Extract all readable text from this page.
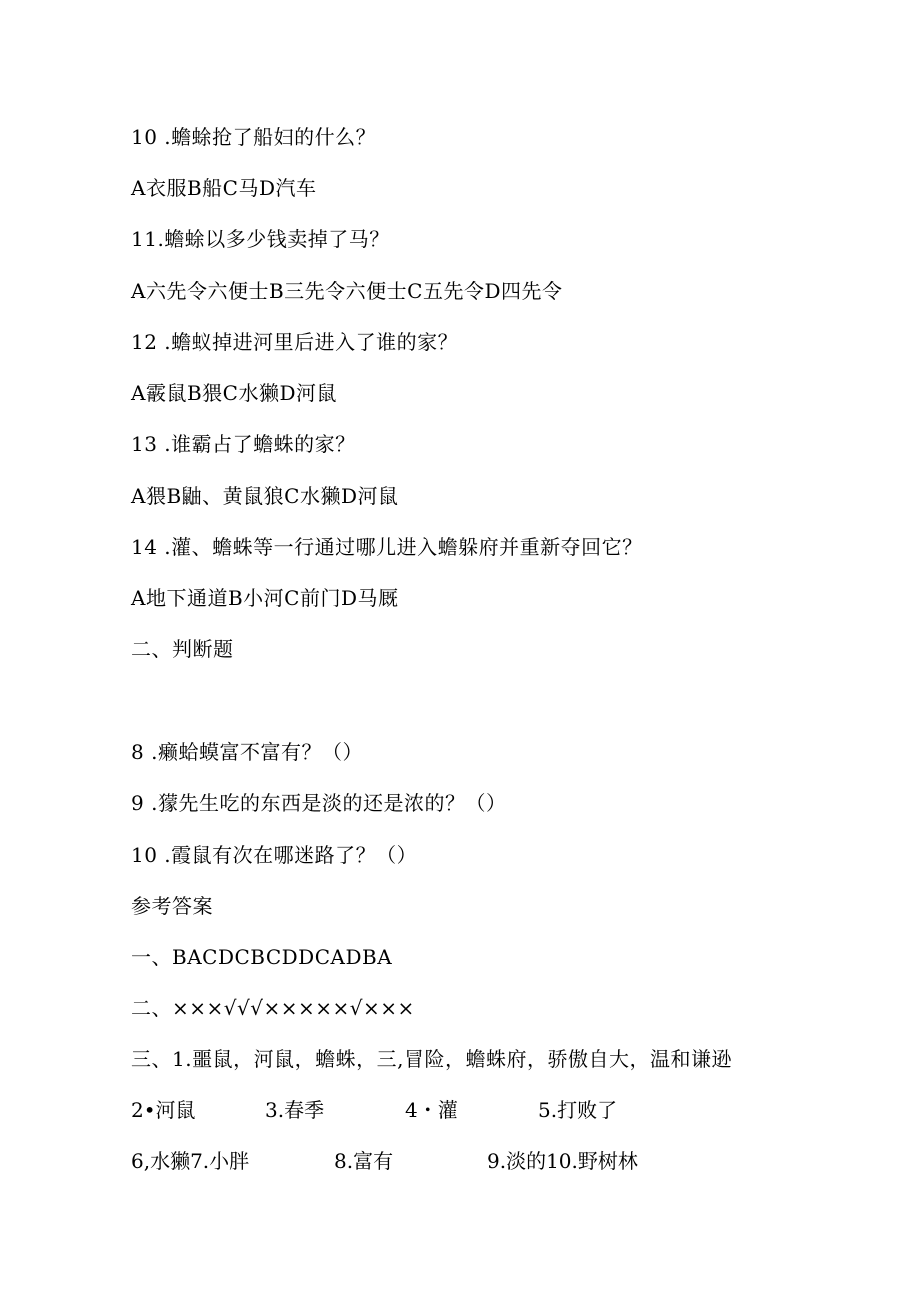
10 .蟾蜍抢了船妇的什么？
A衣服B船C马D汽车
11.蟾蜍以多少钱卖掉了马？
A六先令六便士B三先令六便士C五先令D四先令
12 .蟾蚁掉进河里后进入了谁的家？
A霰鼠B猥C水獭D河鼠
13 .谁霸占了蟾蛛的家？
A猥B鼬、黄鼠狼C水獭D河鼠
14 .灌、蟾蛛等一行通过哪儿进入蟾躲府并重新夺回它？
A地下通道B小河C前门D马厩
二、判断题
8 .癞蛤蟆富不富有？（）
9 .獴先生吃的东西是淡的还是浓的？（）
10 .霞鼠有次在哪迷路了？（）
参考答案
一、BACDCBCDDCADBA
二、×××√√√×××××√×××
三、1.噩鼠，河鼠，蟾蛛，三,冒险，蟾蛛府，骄傲自大，温和谦逊
2•河鼠	3.春季	4・灌	5.打败了
6,水獭7.小胖	8.富有	9.淡的10.野树林
